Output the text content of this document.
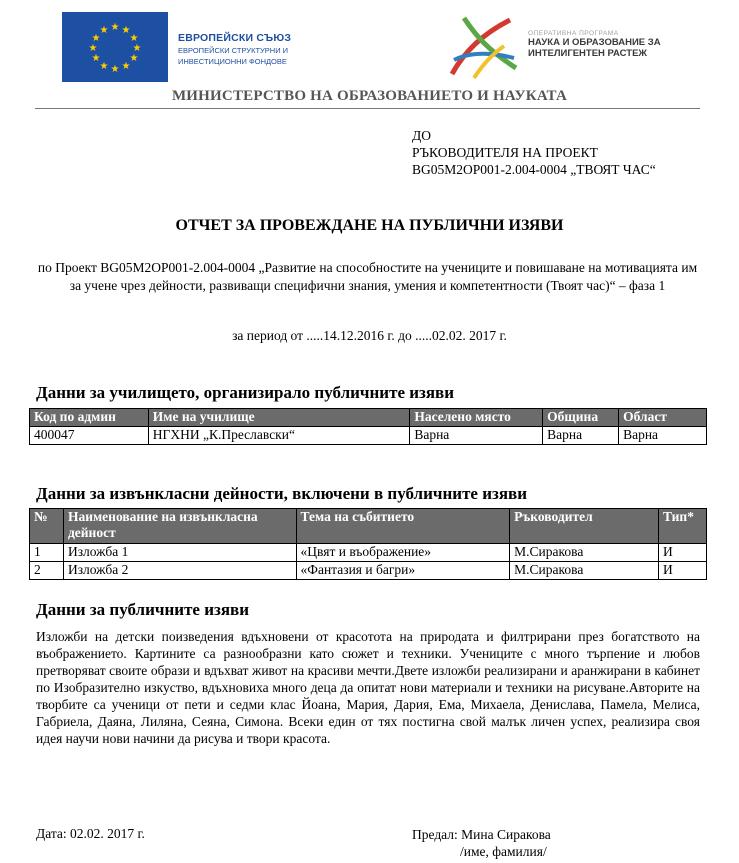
★ ★
★
★
★
★
★
★
★
★
★
★
ЕВРОПЕЙСКИ СЪЮЗ
ЕВРОПЕЙСКИ СТРУКТУРНИ И
ИНВЕСТИЦИОННИ ФОНДОВЕ
ОПЕРАТИВНА ПРОГРАМА
НАУКА И ОБРАЗОВАНИЕ ЗА
ИНТЕЛИГЕНТЕН РАСТЕЖ
МИНИСТЕРСТВО НА ОБРАЗОВАНИЕТО И НАУКАТА
ДО
РЪКОВОДИТЕЛЯ НА ПРОЕКТ
BG05M2OP001-2.004-0004 „ТВОЯТ ЧАС“
ОТЧЕТ ЗА ПРОВЕЖДАНЕ НА ПУБЛИЧНИ ИЗЯВИ
по Проект BG05M2OP001-2.004-0004 „Развитие на способностите на учениците и повишаване на мотивацията им за учене чрез дейности, развиващи специфични знания, умения и компетентности (Твоят час)“ – фаза 1
за период от .....14.12.2016 г. до .....02.02. 2017 г.
Данни за училището, организирало публичните изяви
Код по админ	Име на училище	Населено място	Община	Област
400047	НГХНИ „К.Преславски“	Варна	Варна	Варна
Данни за извънкласни дейности, включени в публичните изяви
№	Наименование на извънкласна дейност	Тема на събитието	Ръководител	Тип*
1	Изложба 1	«Цвят и въображение»	М.Сиракова	И
2	Изложба 2	«Фантазия и багри»	М.Сиракова	И
Данни за публичните изяви
Изложби на детски поизведения вдъхновени от красотота на природата и филтрирани през богатството на въображението. Картините са разнообразни като сюжет и техники. Учениците с много търпение и любов претворяват своите образи и вдъхват живот на красиви мечти.Двете изложби реализирани и аранжирани в кабинет по Изобразително изкуство, вдъхновиха много деца да опитат нови материали и техники на рисуване.Авторите на творбите са ученици от пети и седми клас Йоана, Мария, Дария, Ема, Михаела, Денислава, Памела, Мелиса, Габриела, Даяна, Лиляна, Сеяна, Симона. Всеки един от тях постигна свой малък личен успех, реализира своя идея научи нови начини да рисува и твори красота.
Дата: 02.02. 2017 г.	Предал: Мина Сиракова
/име, фамилия/
